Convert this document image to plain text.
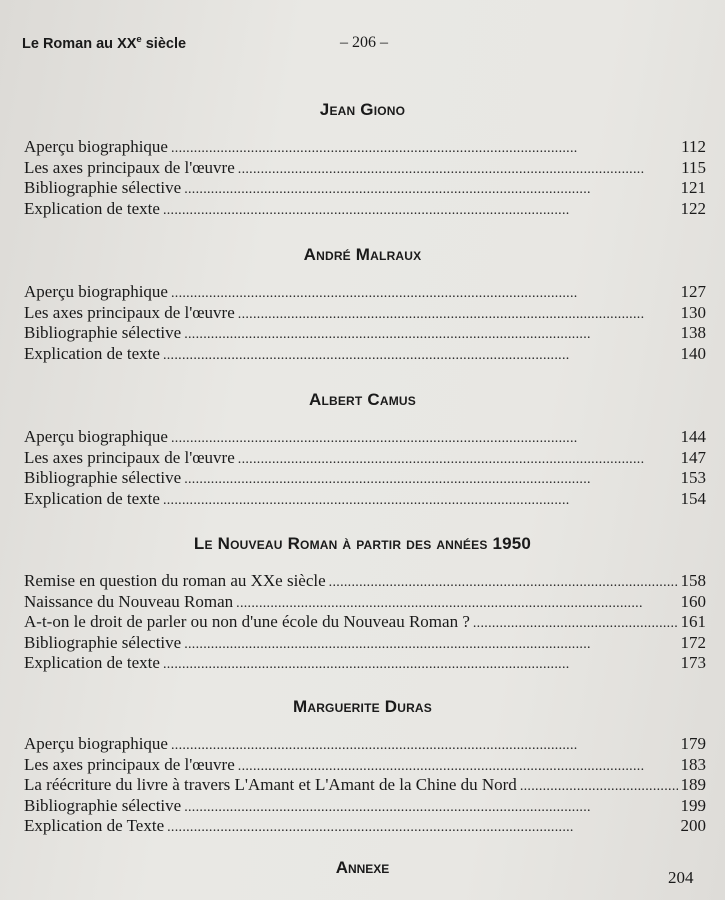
Le Roman au XXe siècle	– 206 –
Jean Giono
Aperçu biographique . . .	112
Les axes principaux de l'œuvre . . .	115
Bibliographie sélective . . .	121
Explication de texte . . .	122
André Malraux
Aperçu biographique . . .	127
Les axes principaux de l'œuvre . . .	130
Bibliographie sélective . . .	138
Explication de texte . . .	140
Albert Camus
Aperçu biographique . . .	144
Les axes principaux de l'œuvre . . .	147
Bibliographie sélective . . .	153
Explication de texte . . .	154
Le Nouveau Roman à partir des années 1950
Remise en question du roman au XXe siècle . . .	158
Naissance du Nouveau Roman . . .	160
A-t-on le droit de parler ou non d'une école du Nouveau Roman ? . . .	161
Bibliographie sélective . . .	172
Explication de texte . . .	173
Marguerite Duras
Aperçu biographique . . .	179
Les axes principaux de l'œuvre . . .	183
La réécriture du livre à travers L'Amant et L'Amant de la Chine du Nord . . .	189
Bibliographie sélective . . .	199
Explication de Texte . . .	200
Annexe
204
